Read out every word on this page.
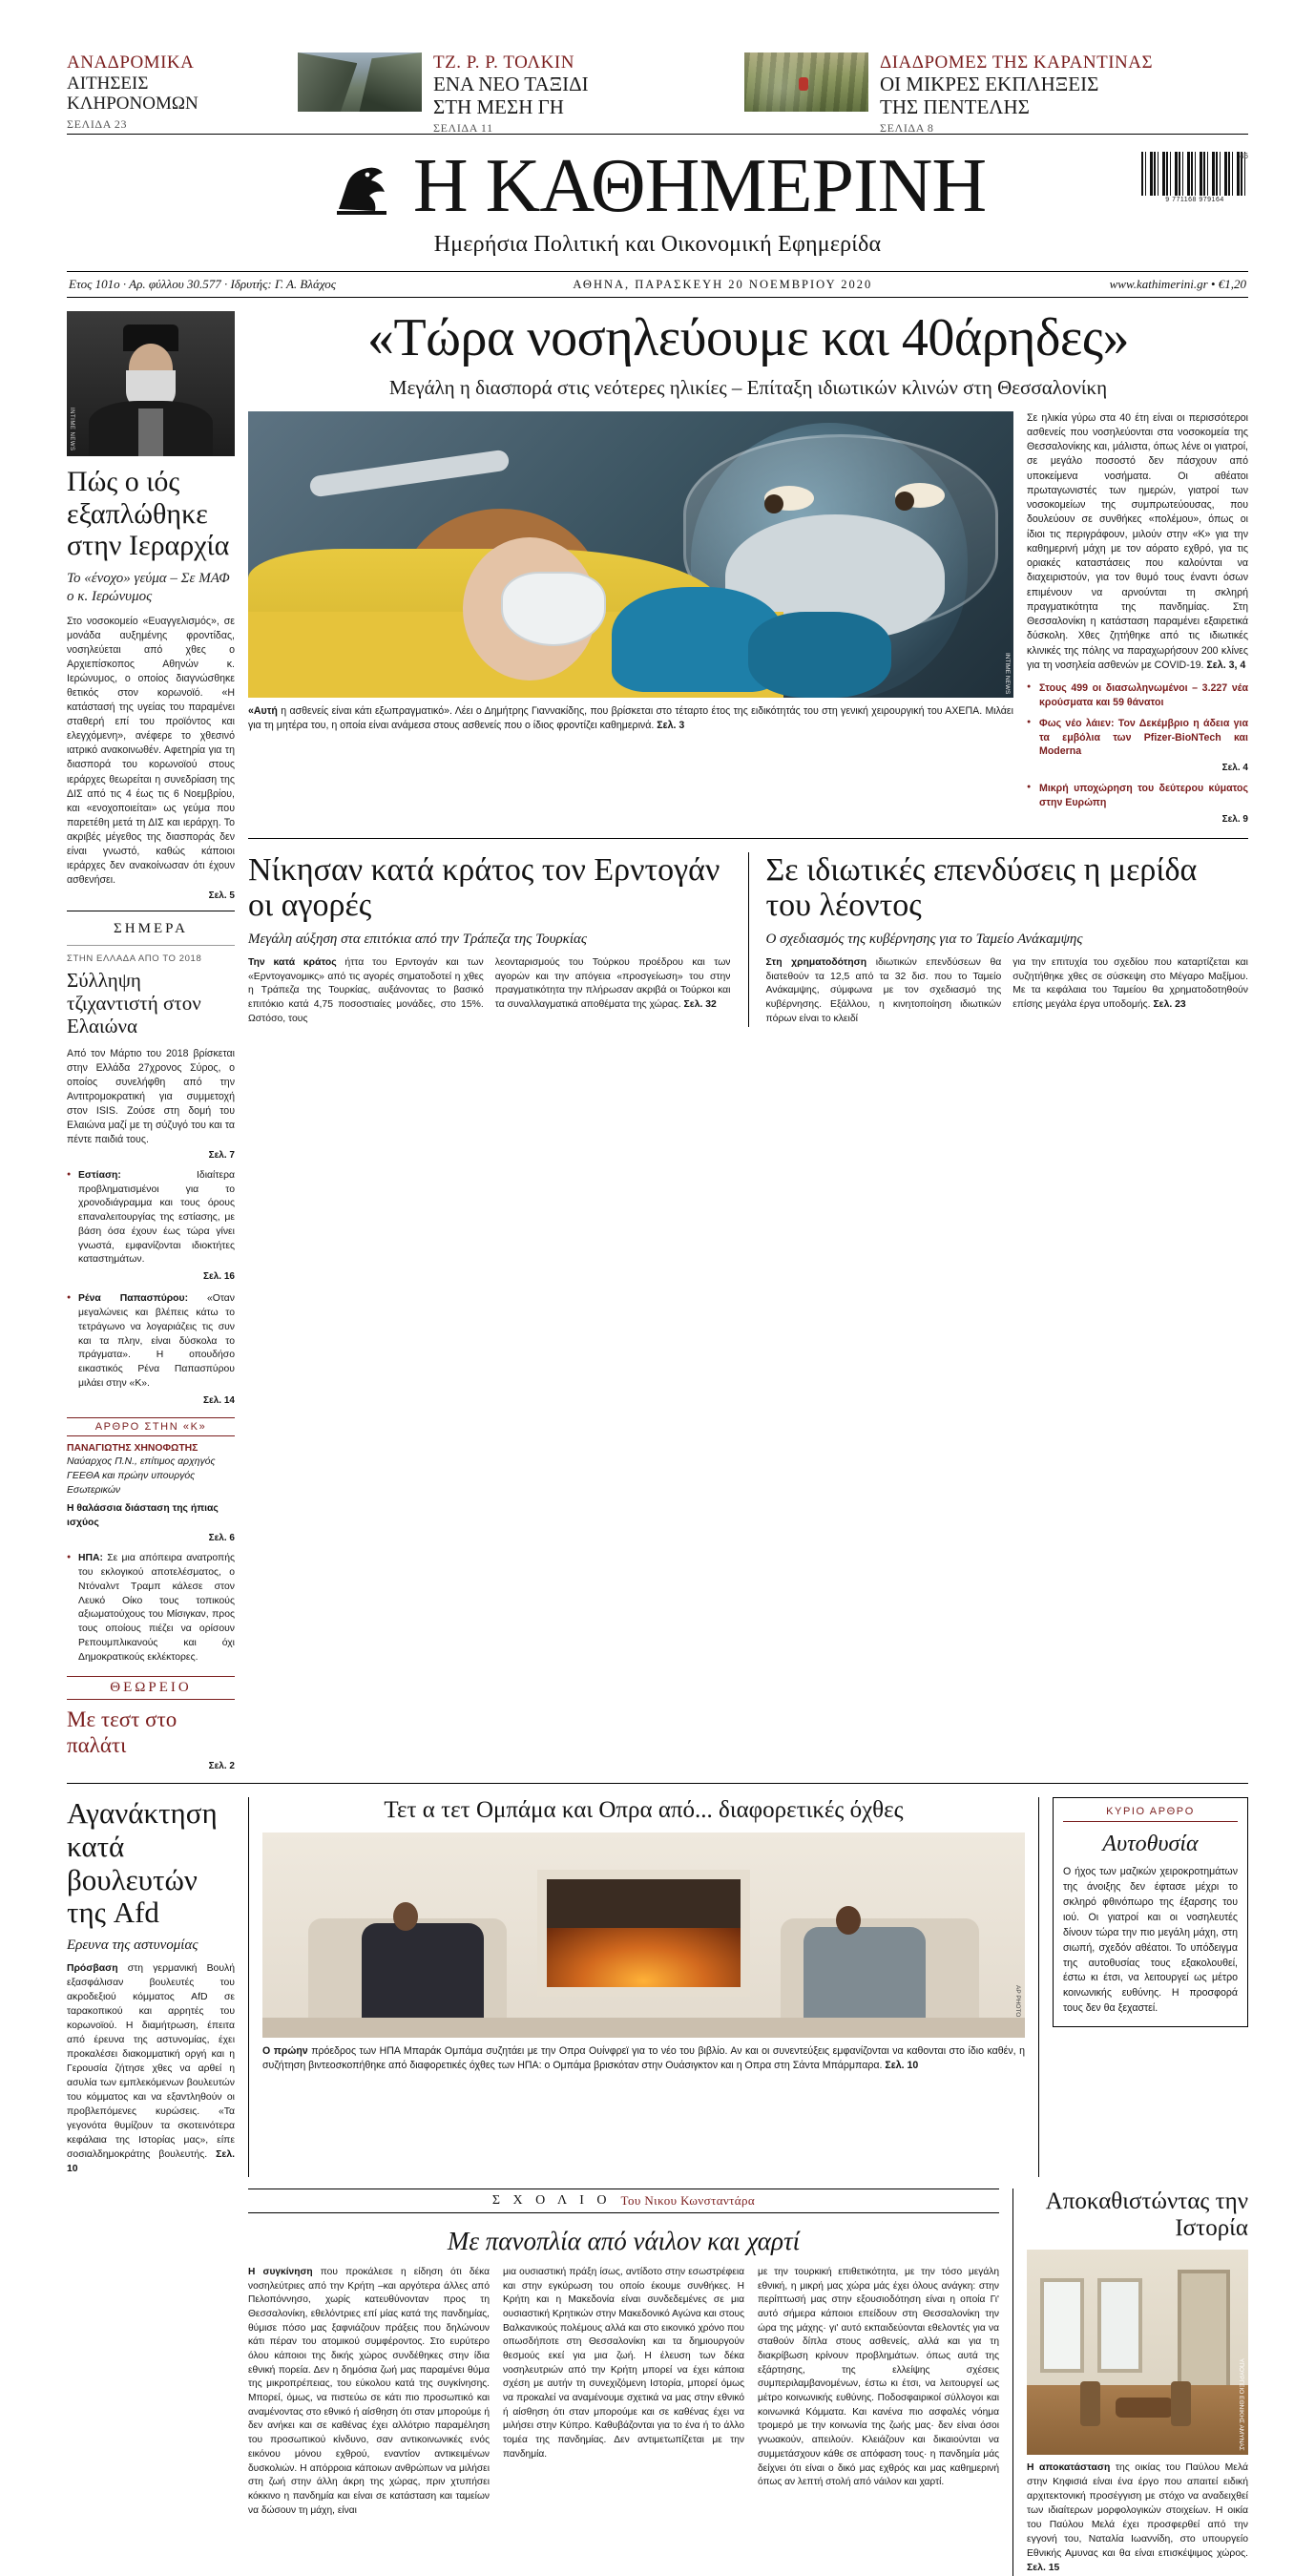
ΑΝΑΔΡΟΜΙΚΑ
ΑΙΤΗΣΕΙΣ
ΚΛΗΡΟΝΟΜΩΝ
ΣΕΛΙΔΑ 23
ΤΖ. Ρ. Ρ. ΤΟΛΚΙΝ
ΕΝΑ ΝΕΟ ΤΑΞΙΔΙ
ΣΤΗ ΜΕΣΗ ΓΗ
ΣΕΛΙΔΑ 11
ΔΙΑΔΡΟΜΕΣ ΤΗΣ ΚΑΡΑΝΤΙΝΑΣ
ΟΙ ΜΙΚΡΕΣ ΕΚΠΛΗΞΕΙΣ
ΤΗΣ ΠΕΝΤΕΛΗΣ
ΣΕΛΙΔΑ 8
Η ΚΑΘΗΜΕΡΙΝΗ	46
9 771168 979164
Ημερήσια Πολιτική και Οικονομική Εφημερίδα
Ετος 101ο · Αρ. φύλλου 30.577 · Ιδρυτής: Γ. Α. Βλάχος	ΑΘΗΝΑ, ΠΑΡΑΣΚΕΥΗ 20 ΝΟΕΜΒΡΙΟΥ 2020	www.kathimerini.gr • €1,20
ΙΝΤΙΜΕ NEWS
Πώς ο ιός εξαπλώθηκε στην Ιεραρχία
Το «ένοχο» γεύμα – Σε ΜΑΦ ο κ. Ιερώνυμος
Στο νοσοκομείο «Ευαγγελισμός», σε μονάδα αυξημένης φροντίδας, νοσηλεύεται από χθες ο Αρχιεπίσκοπος Αθηνών κ. Ιερώνυμος, ο οποίος διαγνώσθηκε θετικός στον κορωνοϊό. «Η κατάστασή της υγείας του παραμένει σταθερή επί του προϊόντος και ελεγχόμενη», ανέφερε το χθεσινό ιατρικό ανακοινωθέν. Αφετηρία για τη διασπορά του κορωνοϊού στους ιεράρχες θεωρείται η συνεδρίαση της ΔΙΣ από τις 4 έως τις 6 Νοεμβρίου, και «ενοχοποιείται» ως γεύμα που παρετέθη μετά τη ΔΙΣ και ιεράρχη. Το ακριβές μέγεθος της διασποράς δεν είναι γνωστό, καθώς κάποιοι ιεράρχες δεν ανακοίνωσαν ότι έχουν ασθενήσει.
Σελ. 5
ΣΗΜΕΡΑ
ΣΤΗΝ ΕΛΛΑΔΑ ΑΠΟ ΤΟ 2018
Σύλληψη τζιχαντιστή στον Ελαιώνα
Από τον Μάρτιο του 2018 βρίσκεται στην Ελλάδα 27χρονος Σύρος, ο οποίος συνελήφθη από την Αντιτρομοκρατική για συμμετοχή στον ISIS. Ζούσε στη δομή του Ελαιώνα μαζί με τη σύζυγό του και τα πέντε παιδιά τους.
Σελ. 7
● Εστίαση:	Ιδιαίτερα προβληματισμένοι για το χρονοδιάγραμμα και τους όρους επαναλειτουργίας της εστίασης, με βάση όσα έχουν έως τώρα γίνει γνωστά, εμφανίζονται ιδιοκτήτες καταστημάτων.
Σελ. 16
● Ρένα Παπασπύρου: «Οταν μεγαλώνεις και βλέπεις κάτω το τετράγωνο να λογαριάζεις τις συν και τα πλην, είναι δύσκολα το πράγματα». Η οπουδήσο εικαστικός Ρένα Παπασπύρου μιλάει στην «Κ».
Σελ. 14
ΑΡΘΡΟ ΣΤΗΝ «Κ»
ΠΑΝΑΓΙΩΤΗΣ ΧΗΝΟΦΩΤΗΣ
Ναύαρχος Π.Ν., επίτιμος αρχηγός ΓΕΕΘΑ και πρώην υπουργός
Εσωτερικών
Η θαλάσσια διάσταση της ήπιας ισχύος
Σελ. 6
● ΗΠΑ: Σε μια απόπειρα ανατροπής του εκλογικού αποτελέσματος, ο Ντόναλντ Τραμπ κάλεσε στον Λευκό Οίκο τους τοπικούς αξιωματούχους του Μίσιγκαν, προς τους οποίους πιέζει να ορίσουν Ρεπουμπλικανούς και όχι Δημοκρατικούς εκλέκτορες.
ΘΕΩΡΕΙΟ
Με τεστ στο παλάτι
Σελ. 2
«Τώρα νοσηλεύουμε και 40άρηδες»
Μεγάλη η διασπορά στις νεότερες ηλικίες – Επίταξη ιδιωτικών κλινών στη Θεσσαλονίκη
ΙΝΤΙΜΕ NEWS
«Αυτή η ασθενείς είναι κάτι εξωπραγματικό». Λέει ο Δημήτρης Γιαννακίδης, που βρίσκεται στο τέταρτο έτος της ειδικότητάς του στη γενική χειρουργική του ΑΧΕΠΑ. Μιλάει για τη μητέρα του, η οποία είναι ανάμεσα στους ασθενείς που ο ίδιος φροντίζει καθημερινά. Σελ. 3
Σε ηλικία γύρω στα 40 έτη είναι οι περισσότεροι ασθενείς που νοσηλεύονται στα νοσοκομεία της Θεσσαλονίκης και, μάλιστα, όπως λένε οι γιατροί, σε μεγάλο ποσοστό δεν πάσχουν από υποκείμενα νοσήματα. Οι αθέατοι πρωταγωνιστές των ημερών, γιατροί των νοσοκομείων της συμπρωτεύουσας, που δουλεύουν σε συνθήκες «πολέμου», όπως οι ίδιοι τις περιγράφουν, μιλούν στην «Κ» για την καθημερινή μάχη με τον αόρατο εχθρό, για τις οριακές καταστάσεις που καλούνται να διαχειριστούν, για τον θυμό τους έναντι όσων επιμένουν να αρνούνται τη σκληρή πραγματικότητα της πανδημίας. Στη Θεσσαλονίκη η κατάσταση παραμένει εξαιρετικά δύσκολη. Χθες ζητήθηκε από τις ιδιωτικές κλινικές της πόλης να παραχωρήσουν 200 κλίνες για τη νοσηλεία ασθενών με COVID-19. Σελ. 3, 4
● Στους 499 οι διασωληνωμένοι – 3.227 νέα κρούσματα και 59 θάνατοι
● Φως νέο λάιεν: Τον Δεκέμβριο η άδεια για τα εμβόλια των Pfizer-BioNTech και Moderna
Σελ. 4
● Μικρή υποχώρηση του δεύτερου κύματος στην Ευρώπη
Σελ. 9
Νίκησαν κατά κράτος τον Ερντογάν οι αγορές
Μεγάλη αύξηση στα επιτόκια από την Τράπεζα της Τουρκίας
Την κατά κράτος ήττα του Ερντογάν και των «Ερντογανομικς» από τις αγορές σηματοδοτεί η χθες η Τράπεζα της Τουρκίας, αυξάνοντας το βασικό επιτόκιο κατά 4,75 ποσοστιαίες μονάδες, στο 15%. Ωστόσο, τους
λεονταρισμούς του Τούρκου προέδρου και των αγορών και την απόγεια «προσγείωση» του στην πραγματικότητα την πλήρωσαν ακριβά οι Τούρκοι και τα συναλλαγματικά αποθέματα της χώρας. Σελ. 32
Σε ιδιωτικές επενδύσεις η μερίδα του λέοντος
Ο σχεδιασμός της κυβέρνησης για το Ταμείο Ανάκαμψης
Στη χρηματοδότηση ιδιωτικών επενδύσεων θα διατεθούν τα 12,5 από τα 32 δισ. που το Ταμείο Ανάκαμψης, σύμφωνα με τον σχεδιασμό της κυβέρνησης. Εξάλλου, η κινητοποίηση ιδιωτικών πόρων είναι το κλειδί
για την επιτυχία του σχεδίου που καταρτίζεται και συζητήθηκε χθες σε σύσκεψη στο Μέγαρο Μαξίμου. Με τα κεφάλαια του Ταμείου θα χρηματοδοτηθούν επίσης μεγάλα έργα υποδομής. Σελ. 23
Αγανάκτηση κατά βουλευτών της Afd
Ερευνα της αστυνομίας
Πρόσβαση στη γερμανική Βουλή εξασφάλισαν βουλευτές του ακροδεξιού κόμματος AfD σε ταρακοπικού και αρρητές του κορωνοϊού. Η διαμήτρωση, έπειτα από έρευνα της αστυνομίας, έχει προκαλέσει διακομματική οργή και η Γερουσία ζήτησε χθες να αρθεί η ασυλία των εμπλεκόμενων βουλευτών του κόμματος και να εξαντληθούν οι προβλεπόμενες κυρώσεις. «Τα γεγονότα θυμίζουν τα σκοτεινότερα κεφάλαια της Ιστορίας μας», είπε σοσιαλδημοκράτης βουλευτής. Σελ. 10
Τετ α τετ Ομπάμα και Οπρα από... διαφορετικές όχθες
AP PHOTO
Ο πρώην πρόεδρος των ΗΠΑ Μπαράκ Ομπάμα συζητάει με την Οπρα Ουίνφρεϊ για το νέο του βιβλίο. Αν και οι συνεντεύξεις εμφανίζονται να καθονται στο ίδιο καθέν, η συζήτηση βιντεοσκοπήθηκε από διαφορετικές όχθες των ΗΠΑ: ο Ομπάμα βρισκόταν στην Ουάσιγκτον και η Οπρα στη Σάντα Μπάρμπαρα. Σελ. 10
ΚΥΡΙΟ ΑΡΘΡΟ
Αυτοθυσία
Ο ήχος των μαζικών χειροκροτημάτων της άνοιξης δεν έφτασε μέχρι το σκληρό φθινόπωρο της έξαρσης του ιού. Οι γιατροί και οι νοσηλευτές δίνουν τώρα την πιο μεγάλη μάχη, στη σιωπή, σχεδόν αθέατοι. Το υπόδειγμα της αυτοθυσίας τους εξακολουθεί, έστω κι έτσι, να λειτουργεί ως μέτρο κοινωνικής ευθύνης. Η προσφορά τους δεν θα ξεχαστεί.
Σ Χ Ο Λ Ι Ο Του Νικου Κωνσταντάρα
Με πανοπλία από νάιλον και χαρτί
Η συγκίνηση που προκάλεσε η είδηση ότι δέκα νοσηλεύτριες από την Κρήτη –και αργότερα άλλες από Πελοπόννησο, χωρίς κατευθύνονταν προς τη Θεσσαλονίκη, εθελόντριες επί μίας κατά της πανδημίας, θύμισε πόσο μας ξαφνιάζουν πράξεις που δηλώνουν κάτι πέραν του ατομικού συμφέροντος. Στο ευρύτερο όλου κάποιοι της δικής χώρος συνδέθηκες στην ίδια εθνική πορεία. Δεν η δημόσια ζωή μας παραμένει θύμα της μικροπρέπειας, του εύκολου κατά της συγκίνησης. Μπορεί, όμως, να πιστεύω σε κάτι πιο προσωπικό και αναμένοντας στο εθνικό ή αίσθηση ότι σταν μπορούμε ή δεν ανήκει και σε καθένας έχει αλλότριο παραμέληση του προσωπικού κίνδυνο, σαν αντικοινωνικές ενός εικόνου μόνου εχθρού, εναντίον αντικειμένων δυσκολιών. Η απόρροια κάποιων ανθρώπων να μιλήσει στη ζωή στην άλλη άκρη της χώρας, πριν χτυπήσει κόκκινο η πανδημία και είναι σε κατάσταση και ταμείων να δώσουν τη μάχη, είναι
μια ουσιαστική πράξη ίσως, αντίδοτο στην εσωστρέφεια και στην εγκύρωση του οποίο έκουμε συνθήκες. Η Κρήτη και η Μακεδονία είναι συνδεδεμένες σε μια ουσιαστική Κρητικών στην Μακεδονικό Αγώνα και στους Βαλκανικούς πολέμους αλλά και στο εικονικό χρόνο που οπωσδήποτε στη Θεσσαλονίκη και τα δημιουργούν θεσμούς εκεί για μια ζωή. Η έλευση των δέκα νοσηλευτριών από την Κρήτη μπορεί να έχει κάποια σχέση με αυτήν τη συνεχιζόμενη Ιστορία, μπορεί όμως να προκαλεί να αναμένουμε σχετικά να μας στην εθνικό ή αίσθηση ότι σταν μπορούμε και σε καθένας έχει να μιλήσει στην Κύπρο. Καθυβάζονται για το ένα ή το άλλο τομέα της πανδημίας. Δεν αντιμετωπίζεται με την πανδημία.
με την τουρκική επιθετικότητα, με την τόσο μεγάλη εθνική, η μικρή μας χώρα μάς έχει όλους ανάγκη: στην περίπτωσή μας στην εξουσιοδότηση είναι η οποία Γι' αυτό σήμερα κάποιοι επείδουν στη Θεσσαλονίκη την ώρα της μάχης· γι' αυτό εκπαιδεύονται εθελοντές για να σταθούν δίπλα στους ασθενείς, αλλά και για τη διακρίβωση κρίνουν προβλημάτων. όπως αυτά της εξάρτησης, της ελλείψης σχέσεις συμπεριλαμβανομένων, έστω κι έτσι, να λειτουργεί ως μέτρο κοινωνικής ευθύνης. Ποδοσφαιρικοί σύλλογοι και κοινωνικά Κόμματα. Και κανένα πιο ασφαλές νόημα τρομερό με την κοινωνία της ζωής μας· δεν είναι όσοι γνωακούν, απειλούν. Κλειάζουν και δικαιούνται να συμμετάσχουν κάθε σε απόφαση τους· η πανδημία μάς δείχνει ότι είναι ο δικό μας εχθρός και μας καθημερινή όπως αν λεπτή στολή από νάιλον και χαρτί.
Αποκαθιστώντας την Ιστορία
ΥΠΟΥΡΓΕΙΟ ΕΘΝΙΚΗΣ ΑΜΥΝΑΣ
Η αποκατάσταση της οικίας του Παύλου Μελά στην Κηφισιά είναι ένα έργο που απαιτεί ειδική αρχιτεκτονική προσέγγιση με στόχο να αναδειχθεί των ιδιαίτερων μορφολογικών στοιχείων. Η οικία του Παύλου Μελά έχει προσφερθεί από την εγγονή του, Ναταλία Ιωαννίδη, στο υπουργείο Εθνικής Αμυνας και θα είναι επισκέψιμος χώρος. Σελ. 15
